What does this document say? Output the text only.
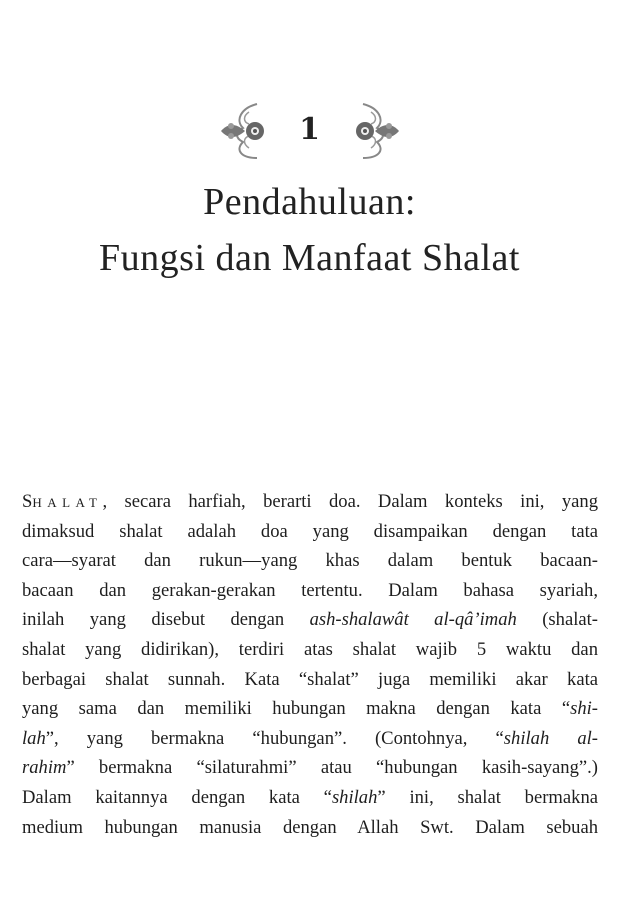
1
Pendahuluan:
Fungsi dan Manfaat Shalat
SHALAT, secara harfiah, berarti doa. Dalam konteks ini, yang
dimaksud shalat adalah doa yang disampaikan dengan tata
cara—syarat dan rukun—yang khas dalam bentuk bacaan-
bacaan dan gerakan-gerakan tertentu. Dalam bahasa syariah,
inilah yang disebut dengan ash-shalawât al-qâ’imah (shalat-
shalat yang didirikan), terdiri atas shalat wajib 5 waktu dan
berbagai shalat sunnah. Kata “shalat” juga memiliki akar kata
yang sama dan memiliki hubungan makna dengan kata “shi-
lah”, yang bermakna “hubungan”. (Contohnya, “shilah al-
rahim” bermakna “silaturahmi” atau “hubungan kasih-sayang”.)
Dalam kaitannya dengan kata “shilah” ini, shalat bermakna
medium hubungan manusia dengan Allah Swt. Dalam sebuah
